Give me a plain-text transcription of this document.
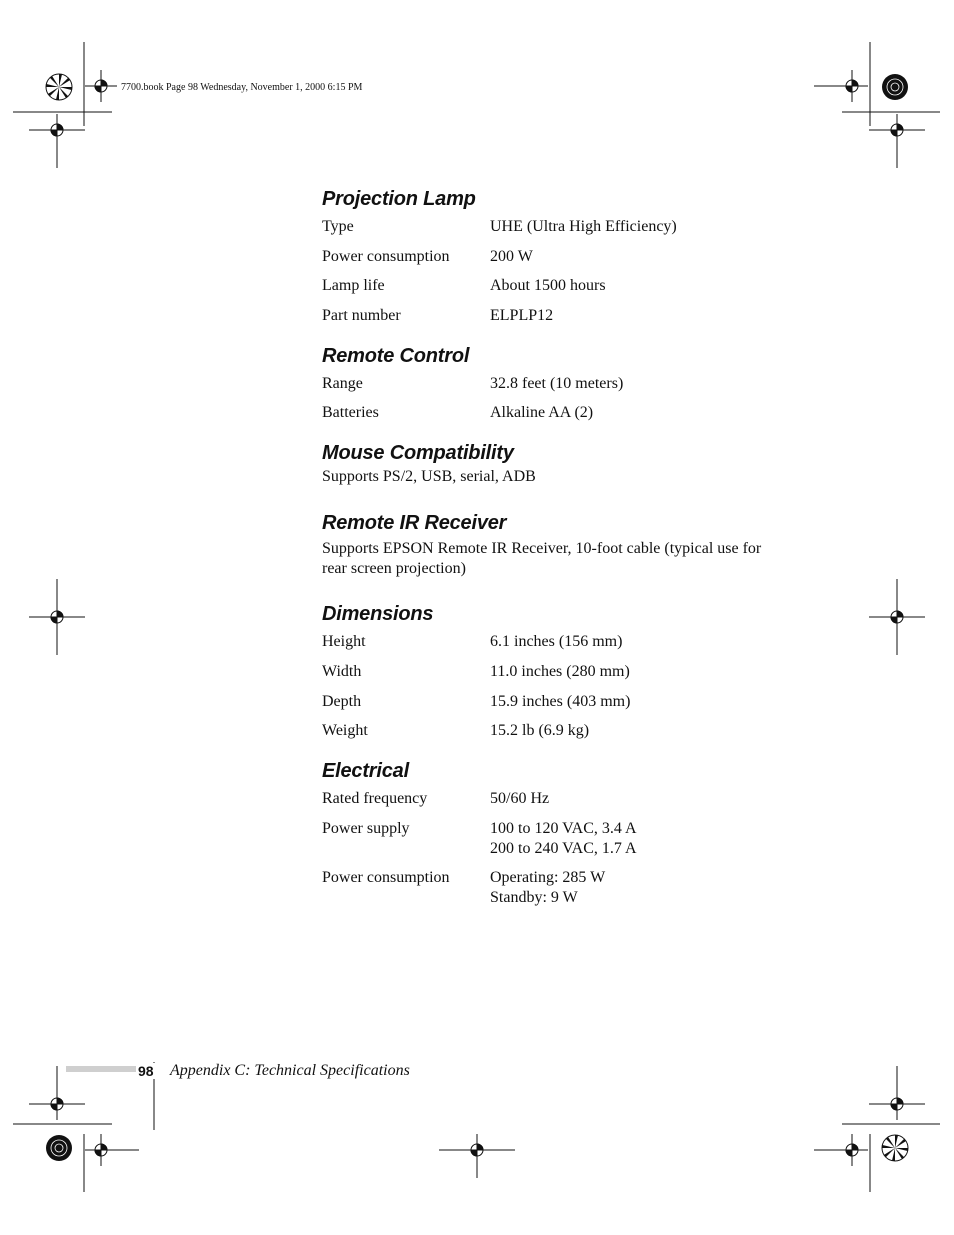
7700.book Page 98 Wednesday, November 1, 2000 6:15 PM
Projection Lamp
Type	UHE (Ultra High Efficiency)
Power consumption	200 W
Lamp life	About 1500 hours
Part number	ELPLP12
Remote Control
Range	32.8 feet (10 meters)
Batteries	Alkaline AA (2)
Mouse Compatibility

Supports PS/2, USB, serial, ADB

Remote IR Receiver

Supports EPSON Remote IR Receiver, 10-foot cable (typical use for rear screen projection)

Dimensions
Height	6.1 inches (156 mm)
Width	11.0 inches (280 mm)
Depth	15.9 inches (403 mm)
Weight	15.2 lb (6.9 kg)
Electrical
Rated frequency	50/60 Hz
Power supply	100 to 120 VAC, 3.4 A
200 to 240 VAC, 1.7 A
Power consumption	Operating: 285 W
Standby: 9 W
98 Appendix C: Technical Specifications
